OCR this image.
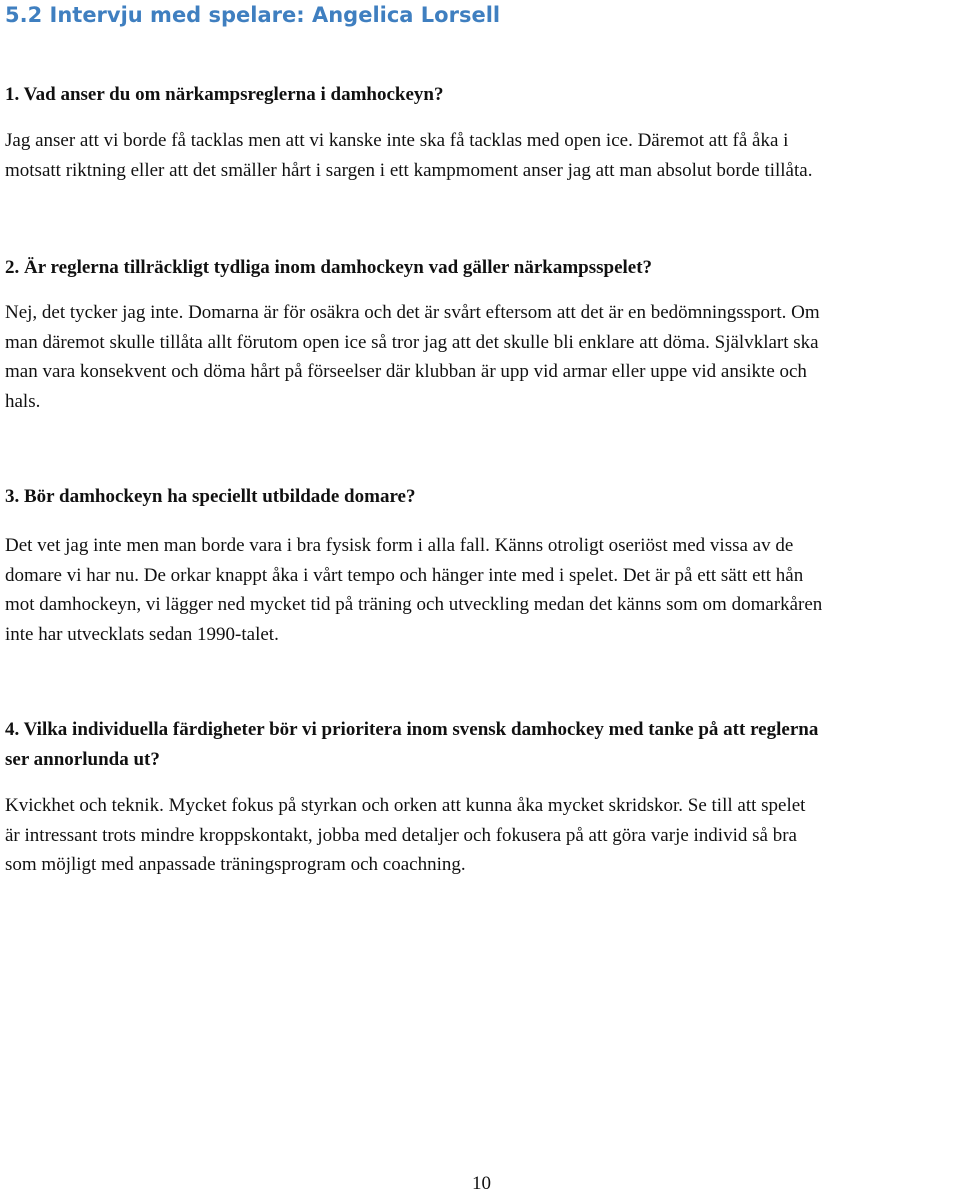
5.2 Intervju med spelare: Angelica Lorsell

1. Vad anser du om närkampsreglerna i damhockeyn?

Jag anser att vi borde få tacklas men att vi kanske inte ska få tacklas med open ice. Däremot att få åka i
motsatt riktning eller att det smäller hårt i sargen i ett kampmoment anser jag att man absolut borde tillåta.

2. Är reglerna tillräckligt tydliga inom damhockeyn vad gäller närkampsspelet?

Nej, det tycker jag inte. Domarna är för osäkra och det är svårt eftersom att det är en bedömningssport. Om
man däremot skulle tillåta allt förutom open ice så tror jag att det skulle bli enklare att döma. Självklart ska
man vara konsekvent och döma hårt på förseelser där klubban är upp vid armar eller uppe vid ansikte och
hals.

3. Bör damhockeyn ha speciellt utbildade domare?

Det vet jag inte men man borde vara i bra fysisk form i alla fall. Känns otroligt oseriöst med vissa av de
domare vi har nu. De orkar knappt åka i vårt tempo och hänger inte med i spelet. Det är på ett sätt ett hån
mot damhockeyn, vi lägger ned mycket tid på träning och utveckling medan det känns som om domarkåren
inte har utvecklats sedan 1990-talet.

4. Vilka individuella färdigheter bör vi prioritera inom svensk damhockey med tanke på att reglerna
ser annorlunda ut?

Kvickhet och teknik. Mycket fokus på styrkan och orken att kunna åka mycket skridskor. Se till att spelet
är intressant trots mindre kroppskontakt, jobba med detaljer och fokusera på att göra varje individ så bra
som möjligt med anpassade träningsprogram och coachning.

10
